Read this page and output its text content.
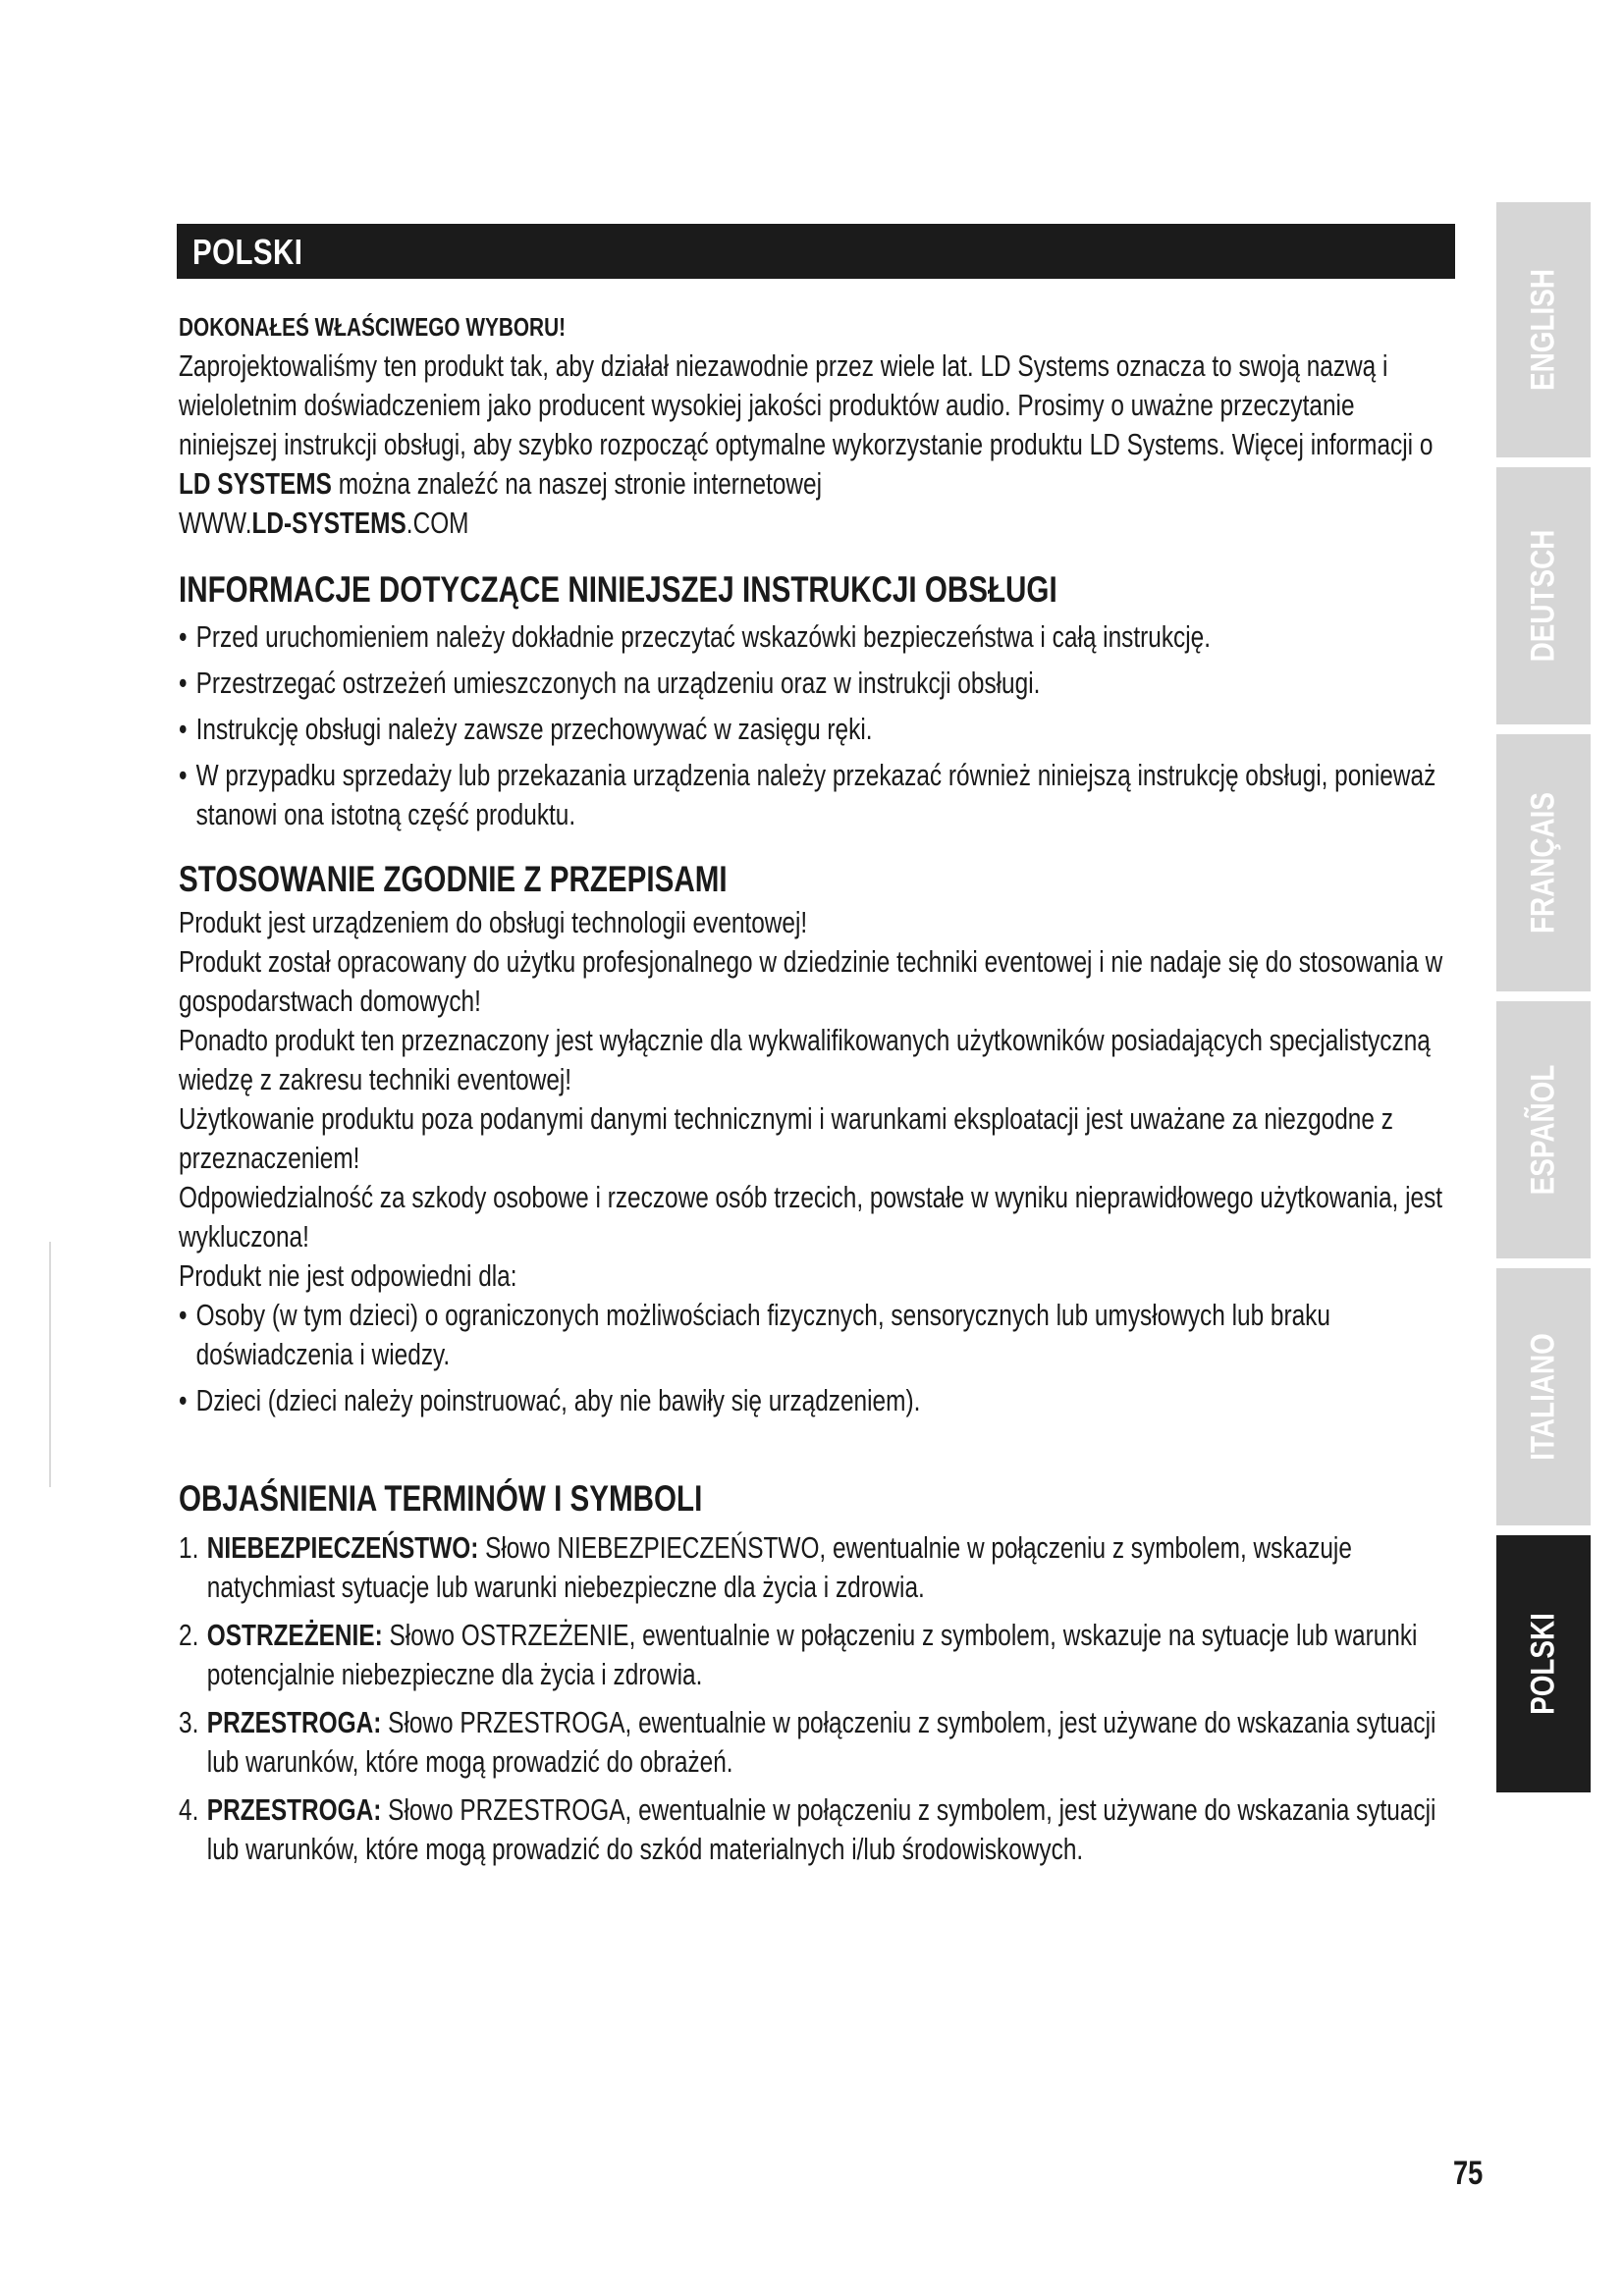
POLSKI
DOKONAŁEŚ WŁAŚCIWEGO WYBORU!

Zaprojektowaliśmy ten produkt tak, aby działał niezawodnie przez wiele lat. LD Systems oznacza to swoją nazwą i wieloletnim doświadczeniem jako producent wysokiej jakości produktów audio. Prosimy o uważne przeczytanie niniejszej instrukcji obsługi, aby szybko rozpocząć optymalne wykorzystanie produktu LD Systems. Więcej informacji o LD SYSTEMS można znaleźć na naszej stronie internetowej
WWW.LD-SYSTEMS.COM

INFORMACJE DOTYCZĄCE NINIEJSZEJ INSTRUKCJI OBSŁUGI
• Przed uruchomieniem należy dokładnie przeczytać wskazówki bezpieczeństwa i całą instrukcję.
• Przestrzegać ostrzeżeń umieszczonych na urządzeniu oraz w instrukcji obsługi.
• Instrukcję obsługi należy zawsze przechowywać w zasięgu ręki.
• W przypadku sprzedaży lub przekazania urządzenia należy przekazać również niniejszą instrukcję obsługi, ponieważ stanowi ona istotną część produktu.
STOSOWANIE ZGODNIE Z PRZEPISAMI

Produkt jest urządzeniem do obsługi technologii eventowej!

Produkt został opracowany do użytku profesjonalnego w dziedzinie techniki eventowej i nie nadaje się do stosowania w gospodarstwach domowych!

Ponadto produkt ten przeznaczony jest wyłącznie dla wykwalifikowanych użytkowników posiadających specjalistyczną wiedzę z zakresu techniki eventowej!

Użytkowanie produktu poza podanymi danymi technicznymi i warunkami eksploatacji jest uważane za niezgodne z przeznaczeniem!

Odpowiedzialność za szkody osobowe i rzeczowe osób trzecich, powstałe w wyniku nieprawidłowego użytkowania, jest wykluczona!

Produkt nie jest odpowiedni dla:

• Osoby (w tym dzieci) o ograniczonych możliwościach fizycznych, sensorycznych lub umysłowych lub braku doświadczenia i wiedzy.
• Dzieci (dzieci należy poinstruować, aby nie bawiły się urządzeniem).
OBJAŚNIENIA TERMINÓW I SYMBOLI
1. NIEBEZPIECZEŃSTWO: Słowo NIEBEZPIECZEŃSTWO, ewentualnie w połączeniu z symbolem, wskazuje natychmiast sytuacje lub warunki niebezpieczne dla życia i zdrowia.
2. OSTRZEŻENIE: Słowo OSTRZEŻENIE, ewentualnie w połączeniu z symbolem, wskazuje na sytuacje lub warunki potencjalnie niebezpieczne dla życia i zdrowia.
3. PRZESTROGA: Słowo PRZESTROGA, ewentualnie w połączeniu z symbolem, jest używane do wskazania sytuacji lub warunków, które mogą prowadzić do obrażeń.
4. PRZESTROGA: Słowo PRZESTROGA, ewentualnie w połączeniu z symbolem, jest używane do wskazania sytuacji lub warunków, które mogą prowadzić do szkód materialnych i/lub środowiskowych.
ENGLISH
DEUTSCH
FRANÇAIS
ESPAÑOL
ITALIANO
POLSKI
75
